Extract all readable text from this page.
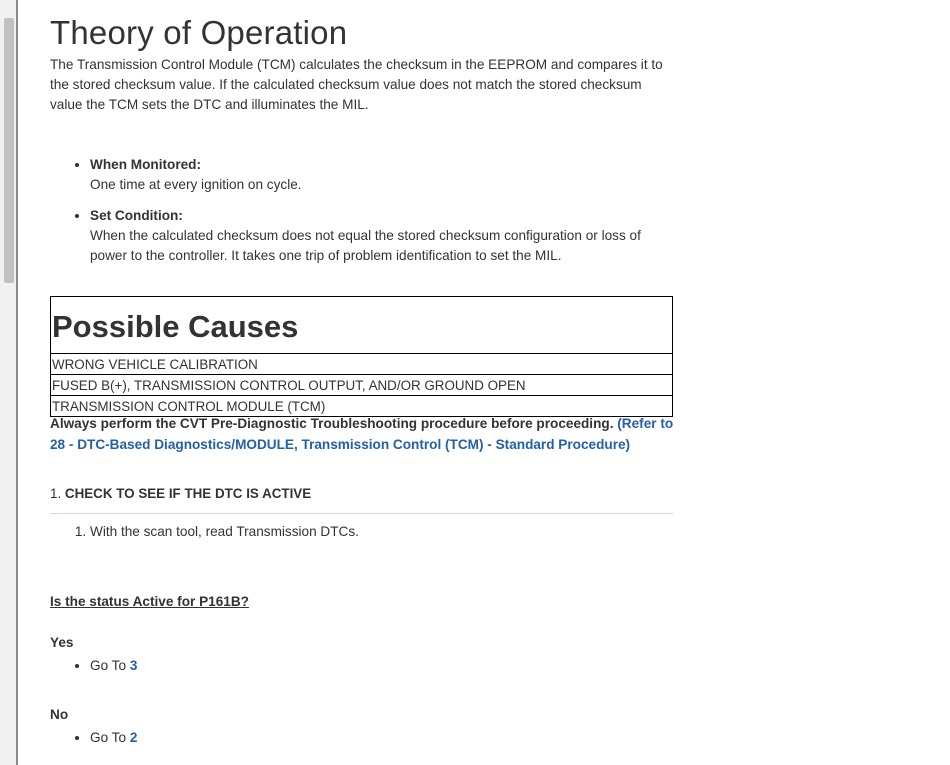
Theory of Operation
The Transmission Control Module (TCM) calculates the checksum in the EEPROM and compares it to the stored checksum value. If the calculated checksum value does not match the stored checksum value the TCM sets the DTC and illuminates the MIL.
• When Monitored:
One time at every ignition on cycle.
• Set Condition:
When the calculated checksum does not equal the stored checksum configuration or loss of power to the controller. It takes one trip of problem identification to set the MIL.
Possible Causes
WRONG VEHICLE CALIBRATION
FUSED B(+), TRANSMISSION CONTROL OUTPUT, AND/OR GROUND OPEN
TRANSMISSION CONTROL MODULE (TCM)
Always perform the CVT Pre-Diagnostic Troubleshooting procedure before proceeding. (Refer to 28 - DTC-Based Diagnostics/MODULE, Transmission Control (TCM) - Standard Procedure)
1. CHECK TO SEE IF THE DTC IS ACTIVE
1. With the scan tool, read Transmission DTCs.
Is the status Active for P161B?
Yes
• Go To 3
No
• Go To 2
